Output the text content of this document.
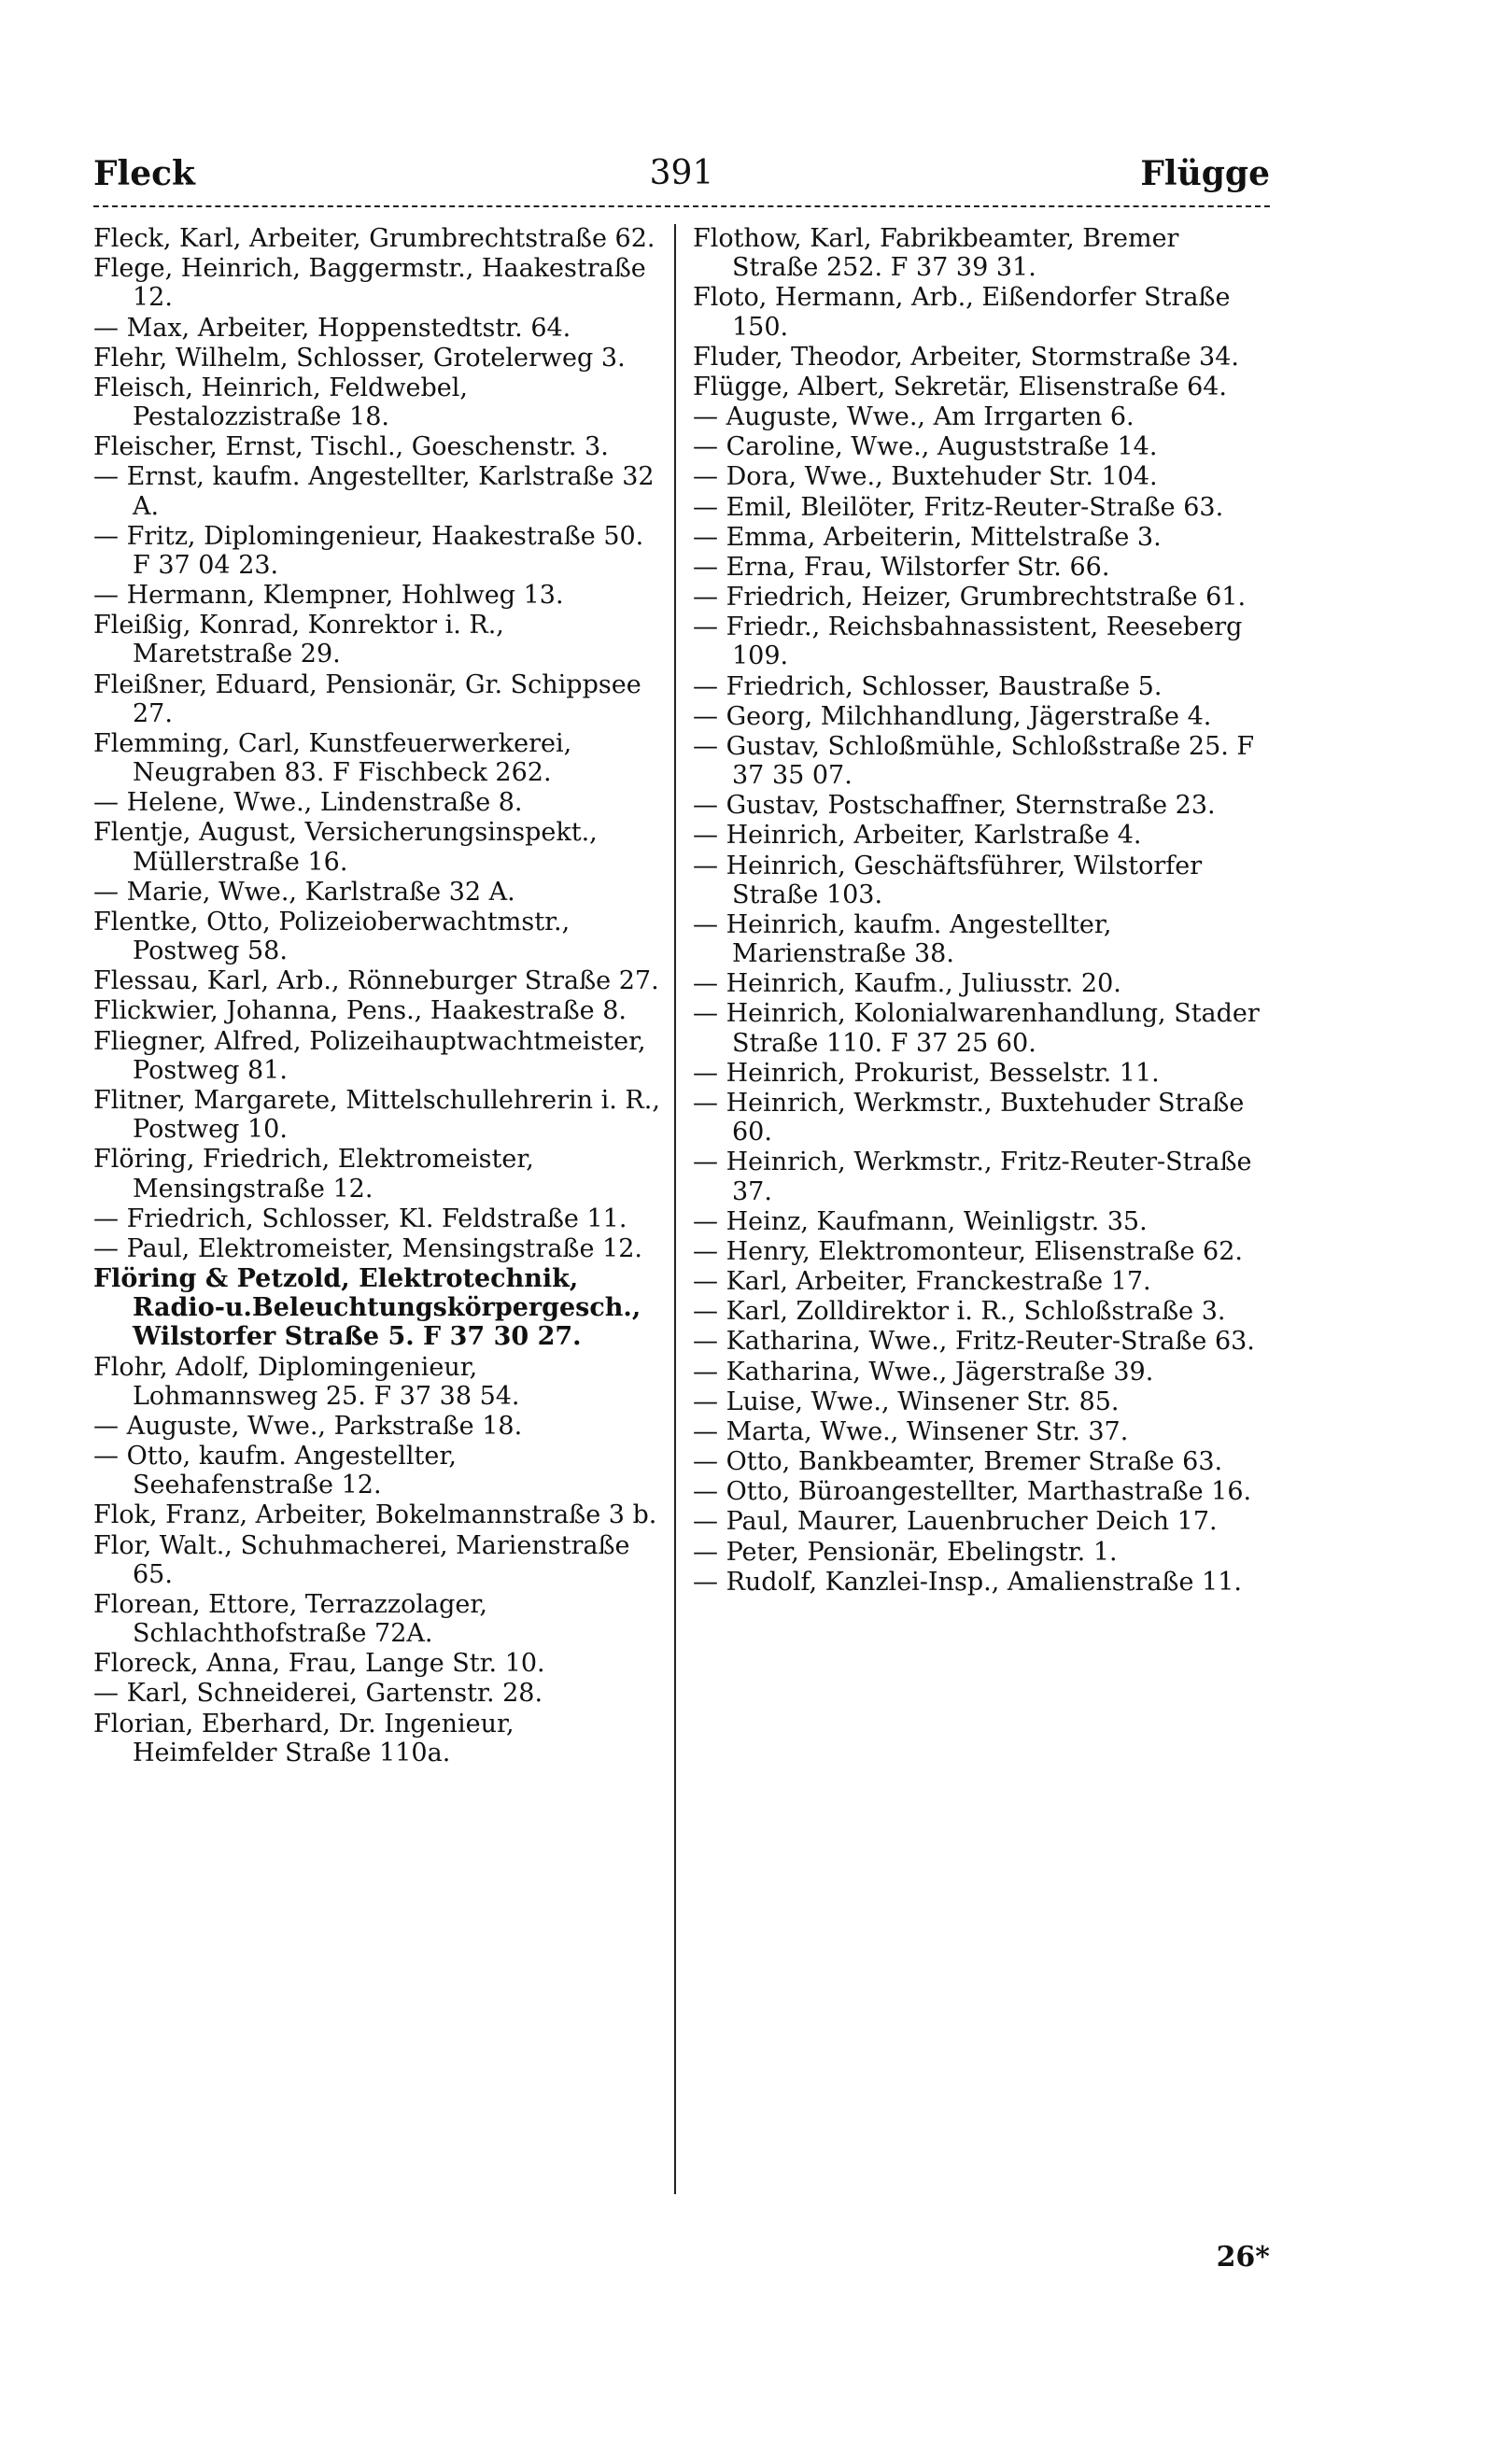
Fleck	391	Flügge

Fleck, Karl, Arbeiter, Grumbrechtstraße 62.

Flege, Heinrich, Baggermstr., Haakestraße 12.

— Max, Arbeiter, Hoppenstedtstr. 64.

Flehr, Wilhelm, Schlosser, Grotelerweg 3.

Fleisch, Heinrich, Feldwebel, Pestalozzistraße 18.

Fleischer, Ernst, Tischl., Goeschenstr. 3.

— Ernst, kaufm. Angestellter, Karlstraße 32 A.

— Fritz, Diplomingenieur, Haakestraße 50. F 37 04 23.

— Hermann, Klempner, Hohlweg 13.

Fleißig, Konrad, Konrektor i. R., Maretstraße 29.

Fleißner, Eduard, Pensionär, Gr. Schippsee 27.

Flemming, Carl, Kunstfeuerwerkerei, Neugraben 83. F Fischbeck 262.

— Helene, Wwe., Lindenstraße 8.

Flentje, August, Versicherungsinspekt., Müllerstraße 16.

— Marie, Wwe., Karlstraße 32 A.

Flentke, Otto, Polizeioberwachtmstr., Postweg 58.

Flessau, Karl, Arb., Rönneburger Straße 27.

Flickwier, Johanna, Pens., Haakestraße 8.

Fliegner, Alfred, Polizeihauptwachtmeister, Postweg 81.

Flitner, Margarete, Mittelschullehrerin i. R., Postweg 10.

Flöring, Friedrich, Elektromeister, Mensingstraße 12.

— Friedrich, Schlosser, Kl. Feldstraße 11.

— Paul, Elektromeister, Mensingstraße 12.

Flöring & Petzold, Elektrotechnik, Radio-u.Beleuchtungskörpergesch., Wilstorfer Straße 5. F 37 30 27.

Flohr, Adolf, Diplomingenieur, Lohmannsweg 25. F 37 38 54.

— Auguste, Wwe., Parkstraße 18.

— Otto, kaufm. Angestellter, Seehafenstraße 12.

Flok, Franz, Arbeiter, Bokelmannstraße 3 b.

Flor, Walt., Schuhmacherei, Marienstraße 65.

Florean, Ettore, Terrazzolager, Schlachthofstraße 72A.

Floreck, Anna, Frau, Lange Str. 10.

— Karl, Schneiderei, Gartenstr. 28.

Florian, Eberhard, Dr. Ingenieur, Heimfelder Straße 110a.

Flothow, Karl, Fabrikbeamter, Bremer Straße 252. F 37 39 31.

Floto, Hermann, Arb., Eißendorfer Straße 150.

Fluder, Theodor, Arbeiter, Stormstraße 34.

Flügge, Albert, Sekretär, Elisenstraße 64.

— Auguste, Wwe., Am Irrgarten 6.

— Caroline, Wwe., Auguststraße 14.

— Dora, Wwe., Buxtehuder Str. 104.

— Emil, Bleilöter, Fritz-Reuter-Straße 63.

— Emma, Arbeiterin, Mittelstraße 3.

— Erna, Frau, Wilstorfer Str. 66.

— Friedrich, Heizer, Grumbrechtstraße 61.

— Friedr., Reichsbahnassistent, Reeseberg 109.

— Friedrich, Schlosser, Baustraße 5.

— Georg, Milchhandlung, Jägerstraße 4.

— Gustav, Schloßmühle, Schloßstraße 25. F 37 35 07.

— Gustav, Postschaffner, Sternstraße 23.

— Heinrich, Arbeiter, Karlstraße 4.

— Heinrich, Geschäftsführer, Wilstorfer Straße 103.

— Heinrich, kaufm. Angestellter, Marienstraße 38.

— Heinrich, Kaufm., Juliusstr. 20.

— Heinrich, Kolonialwarenhandlung, Stader Straße 110. F 37 25 60.

— Heinrich, Prokurist, Besselstr. 11.

— Heinrich, Werkmstr., Buxtehuder Straße 60.

— Heinrich, Werkmstr., Fritz-Reuter-Straße 37.

— Heinz, Kaufmann, Weinligstr. 35.

— Henry, Elektromonteur, Elisenstraße 62.

— Karl, Arbeiter, Franckestraße 17.

— Karl, Zolldirektor i. R., Schloßstraße 3.

— Katharina, Wwe., Fritz-Reuter-Straße 63.

— Katharina, Wwe., Jägerstraße 39.

— Luise, Wwe., Winsener Str. 85.

— Marta, Wwe., Winsener Str. 37.

— Otto, Bankbeamter, Bremer Straße 63.

— Otto, Büroangestellter, Marthastraße 16.

— Paul, Maurer, Lauenbrucher Deich 17.

— Peter, Pensionär, Ebelingstr. 1.

— Rudolf, Kanzlei-Insp., Amalienstraße 11.

26*
